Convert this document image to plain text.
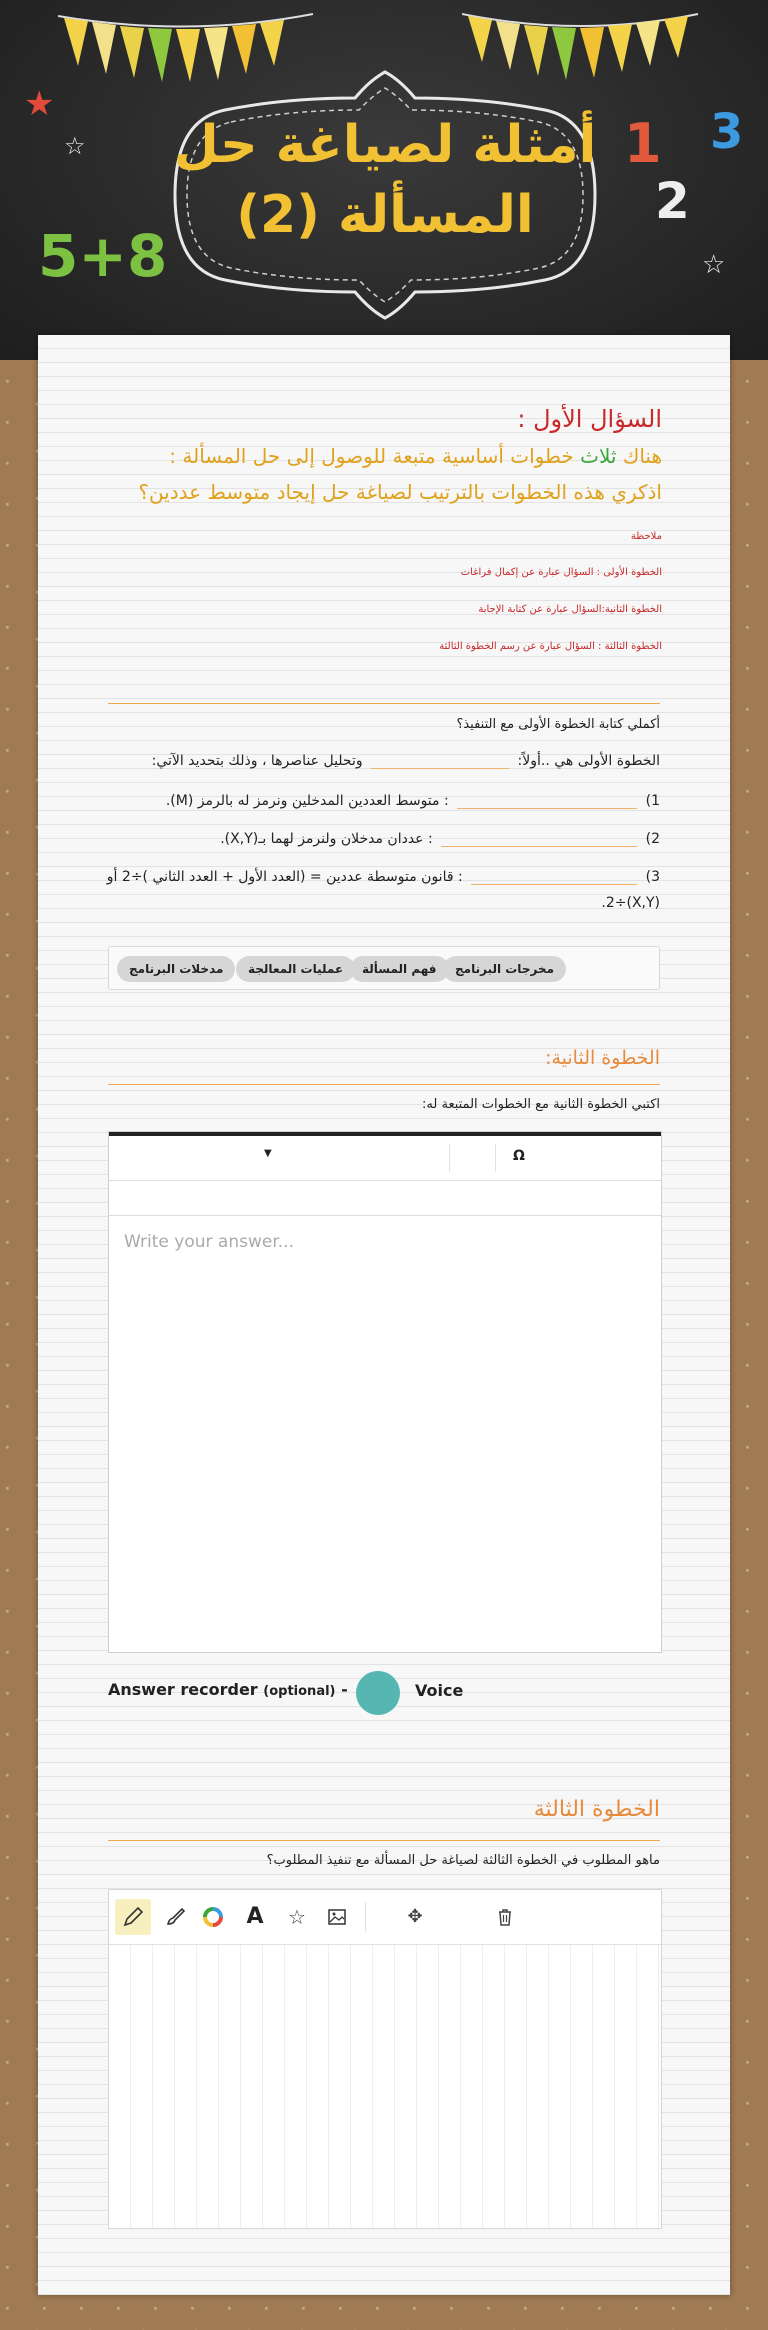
★
☆
☆
5+8
1
2
3
أمثلة لصياغة حل
المسألة (2)
السؤال الأول :
هناك ثلاث خطوات أساسية متبعة للوصول إلى حل المسألة :
اذكري هذه الخطوات بالترتيب لصياغة حل إيجاد متوسط عددين؟
ملاحظة
الخطوة الأولى : السؤال عبارة عن إكمال فراغات
الخطوة الثانية:السؤال عبارة عن كتابة الإجابة
الخطوة الثالثة : السؤال عبارة عن رسم الخطوة الثالثة
أكملي كتابة الخطوة الأولى مع التنفيذ؟
الخطوة الأولى هي ..أولاً:  وتحليل عناصرها ، وذلك بتحديد الآتي:
1)  : متوسط العددين المدخلين ونرمز له بالرمز (M).
2)  : عددان مدخلان ولنرمز لهما بـ(X,Y).
3)  : قانون متوسطة عددين = (العدد الأول + العدد الثاني )÷2 أو
(X,Y)÷2.
مخرجات البرنامج
فهم المسألة
عمليات المعالجة
مدخلات البرنامج
الخطوة الثانية:
اكتبي الخطوة الثانية مع الخطوات المتبعة له:
▼	Ω
Write your answer...
Answer recorder (optional) -	Voice
الخطوة الثالثة
ماهو المطلوب في الخطوة الثالثة لصياغة حل المسألة مع تنفيذ المطلوب؟
A	☆	✥
